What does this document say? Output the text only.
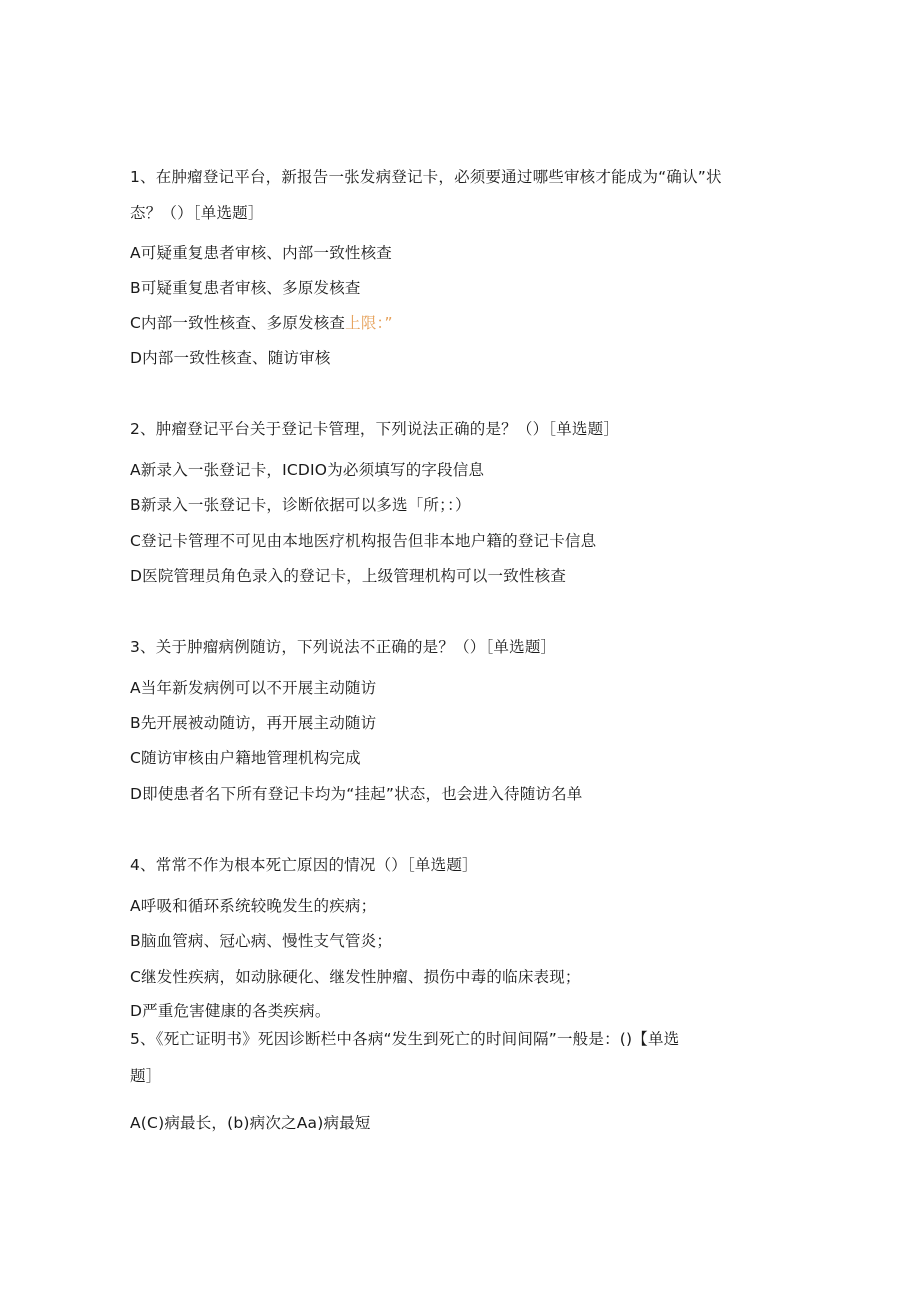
1、在肿瘤登记平台，新报告一张发病登记卡，必须要通过哪些审核才能成为“确认”状
态？（）［单选题］
A可疑重复患者审核、内部一致性核查
B可疑重复患者审核、多原发核查
C内部一致性核查、多原发核查上限：”
D内部一致性核查、随访审核
2、肿瘤登记平台关于登记卡管理，下列说法正确的是？（）［单选题］
A新录入一张登记卡，ICDIO为必须填写的字段信息
B新录入一张登记卡，诊断依据可以多选「所；：）
C登记卡管理不可见由本地医疗机构报告但非本地户籍的登记卡信息
D医院管理员角色录入的登记卡，上级管理机构可以一致性核查
3、关于肿瘤病例随访，下列说法不正确的是？（）［单选题］
A当年新发病例可以不开展主动随访
B先开展被动随访，再开展主动随访
C随访审核由户籍地管理机构完成
D即使患者名下所有登记卡均为“挂起”状态，也会进入待随访名单
4、常常不作为根本死亡原因的情况（）［单选题］
A呼吸和循环系统较晚发生的疾病；
B脑血管病、冠心病、慢性支气管炎；
C继发性疾病，如动脉硬化、继发性肿瘤、损伤中毒的临床表现；
D严重危害健康的各类疾病。
5、《死亡证明书》死因诊断栏中各病“发生到死亡的时间间隔”一般是：()【单选
题］
A(C)病最长，(b)病次之Aa)病最短
